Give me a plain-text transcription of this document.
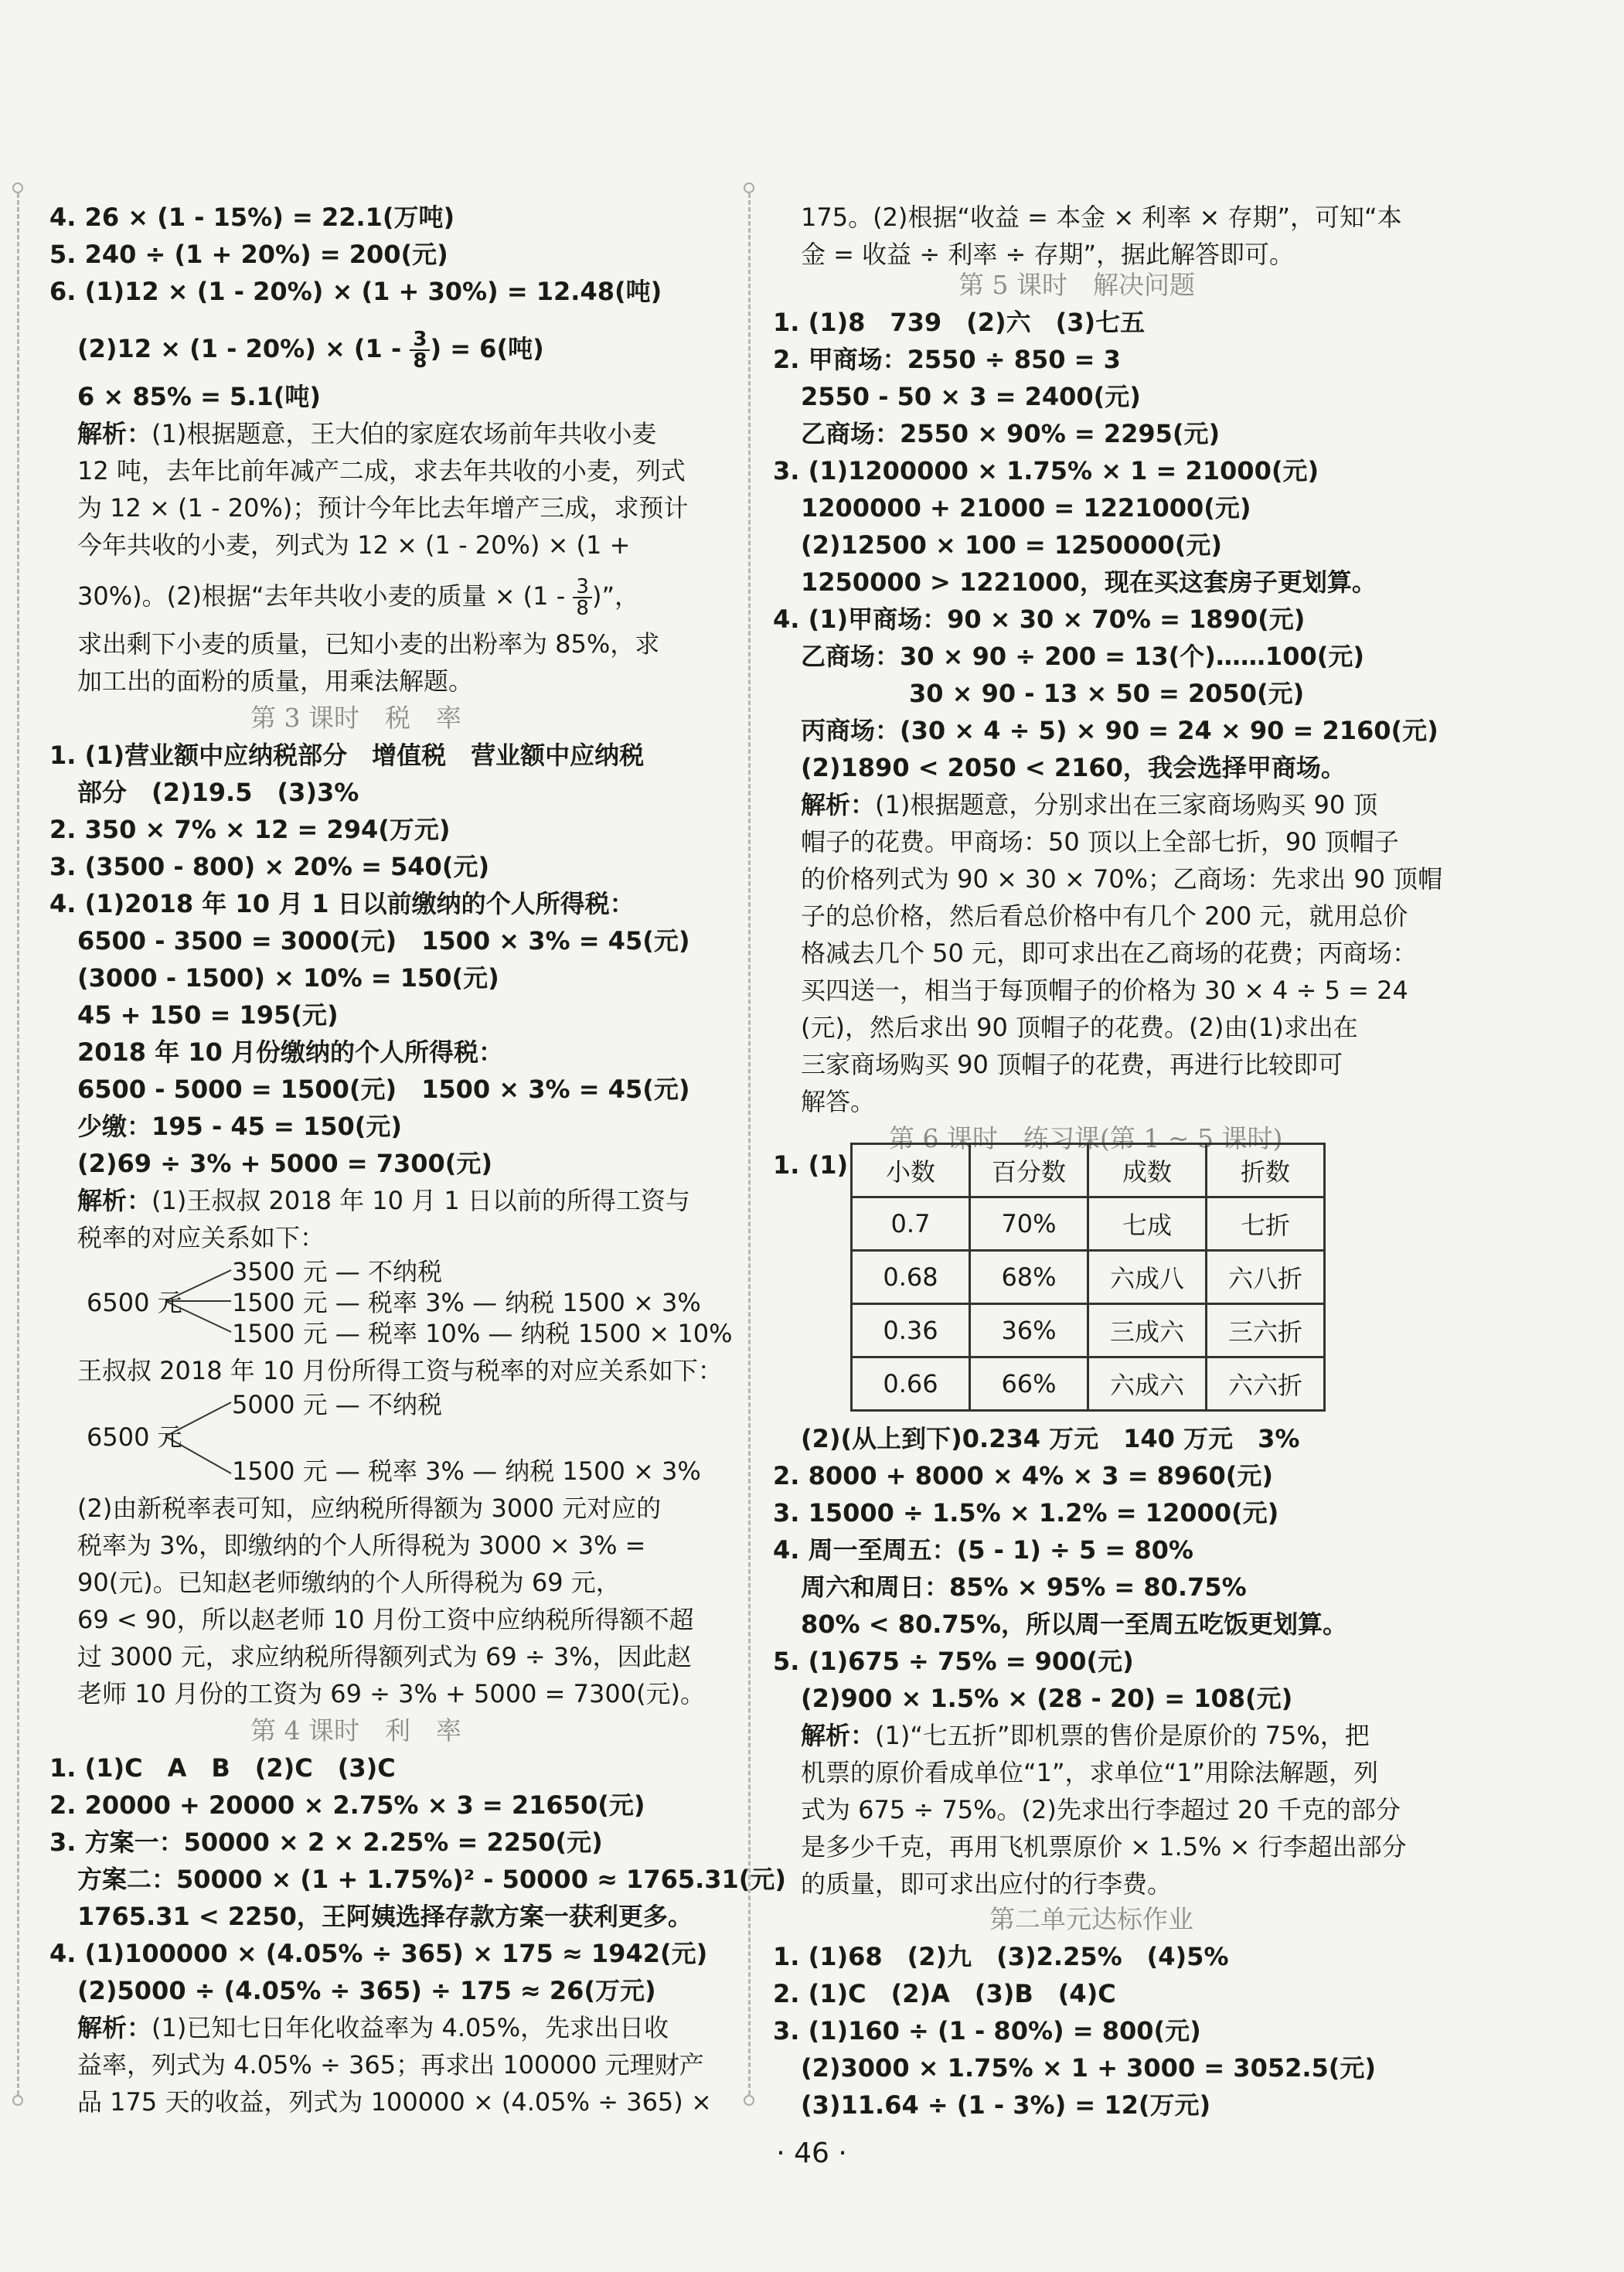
4. 26 × (1 - 15%) = 22.1(万吨)
5. 240 ÷ (1 + 20%) = 200(元)
6. (1)12 × (1 - 20%) × (1 + 30%) = 12.48(吨)
$(2)12 \times (1 - 20\%) \times (1 - \frac{3}{8}$ ) = 6(吨)
6 × 85% = 5.1(吨)
解析：(1)根据题意，王大伯的家庭农场前年共收小麦
12 吨，去年比前年减产二成，求去年共收的小麦，列式
为 12 × (1 - 20%)；预计今年比去年增产三成，求预计
今年共收的小麦，列式为 12 × (1 - 20%) × (1 +
30%)。(2)根据“去年共收小麦的质量 × ($1 - \frac{3}{8}$ )”，
求出剩下小麦的质量，已知小麦的出粉率为 85%，求
加工出的面粉的质量，用乘法解题。
第 3 课时　税　率
1. (1)营业额中应纳税部分　增值税　营业额中应纳税
部分　(2)19.5　(3)3%
2. 350 × 7% × 12 = 294(万元)
3. (3500 - 800) × 20% = 540(元)
4. (1)2018 年 10 月 1 日以前缴纳的个人所得税：
6500 - 3500 = 3000(元)　1500 × 3% = 45(元)
(3000 - 1500) × 10% = 150(元)
45 + 150 = 195(元)
2018 年 10 月份缴纳的个人所得税：
6500 - 5000 = 1500(元)　1500 × 3% = 45(元)
少缴：195 - 45 = 150(元)
(2)69 ÷ 3% + 5000 = 7300(元)
解析：(1)王叔叔 2018 年 10 月 1 日以前的所得工资与
税率的对应关系如下：
6500 元
3500 元 — 不纳税
1500 元 — 税率 3% — 纳税 1500 × 3%
1500 元 — 税率 10% — 纳税 1500 × 10%
王叔叔 2018 年 10 月份所得工资与税率的对应关系如下：
6500 元
5000 元 — 不纳税
1500 元 — 税率 3% — 纳税 1500 × 3%
(2)由新税率表可知，应纳税所得额为 3000 元对应的
税率为 3%，即缴纳的个人所得税为 3000 × 3% =
90(元)。已知赵老师缴纳的个人所得税为 69 元，
69 < 90，所以赵老师 10 月份工资中应纳税所得额不超
过 3000 元，求应纳税所得额列式为 69 ÷ 3%，因此赵
老师 10 月份的工资为 69 ÷ 3% + 5000 = 7300(元)。
第 4 课时　利　率
1. (1)C　A　B　(2)C　(3)C
2. 20000 + 20000 × 2.75% × 3 = 21650(元)
3. 方案一：50000 × 2 × 2.25% = 2250(元)
方案二：50000 × (1 + 1.75%)² - 50000 ≈ 1765.31(元)
1765.31 < 2250，王阿姨选择存款方案一获利更多。
4. (1)100000 × (4.05% ÷ 365) × 175 ≈ 1942(元)
(2)5000 ÷ (4.05% ÷ 365) ÷ 175 ≈ 26(万元)
解析：(1)已知七日年化收益率为 4.05%，先求出日收
益率，列式为 4.05% ÷ 365；再求出 100000 元理财产
品 175 天的收益，列式为 100000 × (4.05% ÷ 365) ×
175。(2)根据“收益 = 本金 × 利率 × 存期”，可知“本
金 = 收益 ÷ 利率 ÷ 存期”，据此解答即可。
第 5 课时　解决问题
1. (1)8　739　(2)六　(3)七五
2. 甲商场：2550 ÷ 850 = 3
2550 - 50 × 3 = 2400(元)
乙商场：2550 × 90% = 2295(元)
3. (1)1200000 × 1.75% × 1 = 21000(元)
1200000 + 21000 = 1221000(元)
(2)12500 × 100 = 1250000(元)
1250000 > 1221000，现在买这套房子更划算。
4. (1)甲商场：90 × 30 × 70% = 1890(元)
乙商场：30 × 90 ÷ 200 = 13(个)……100(元)
30 × 90 - 13 × 50 = 2050(元)
丙商场：(30 × 4 ÷ 5) × 90 = 24 × 90 = 2160(元)
(2)1890 < 2050 < 2160，我会选择甲商场。
解析：(1)根据题意，分别求出在三家商场购买 90 顶
帽子的花费。甲商场：50 顶以上全部七折，90 顶帽子
的价格列式为 90 × 30 × 70%；乙商场：先求出 90 顶帽
子的总价格，然后看总价格中有几个 200 元，就用总价
格减去几个 50 元，即可求出在乙商场的花费；丙商场：
买四送一，相当于每顶帽子的价格为 30 × 4 ÷ 5 = 24
(元)，然后求出 90 顶帽子的花费。(2)由(1)求出在
三家商场购买 90 顶帽子的花费，再进行比较即可
解答。
第 6 课时　练习课(第 1 ~ 5 课时)
1. (1) 小数	百分数	成数	折数
0.7	70%	七成	七折
0.68	68%	六成八	六八折
0.36	36%	三成六	三六折
0.66	66%	六成六	六六折
(2)(从上到下)0.234 万元　140 万元　3%
2. 8000 + 8000 × 4% × 3 = 8960(元)
3. 15000 ÷ 1.5% × 1.2% = 12000(元)
4. 周一至周五：(5 - 1) ÷ 5 = 80%
周六和周日：85% × 95% = 80.75%
80% < 80.75%，所以周一至周五吃饭更划算。
5. (1)675 ÷ 75% = 900(元)
(2)900 × 1.5% × (28 - 20) = 108(元)
解析：(1)“七五折”即机票的售价是原价的 75%，把
机票的原价看成单位“1”，求单位“1”用除法解题，列
式为 675 ÷ 75%。(2)先求出行李超过 20 千克的部分
是多少千克，再用飞机票原价 × 1.5% × 行李超出部分
的质量，即可求出应付的行李费。
第二单元达标作业
1. (1)68　(2)九　(3)2.25%　(4)5%
2. (1)C　(2)A　(3)B　(4)C
3. (1)160 ÷ (1 - 80%) = 800(元)
(2)3000 × 1.75% × 1 + 3000 = 3052.5(元)
(3)11.64 ÷ (1 - 3%) = 12(万元)
· 46 ·
